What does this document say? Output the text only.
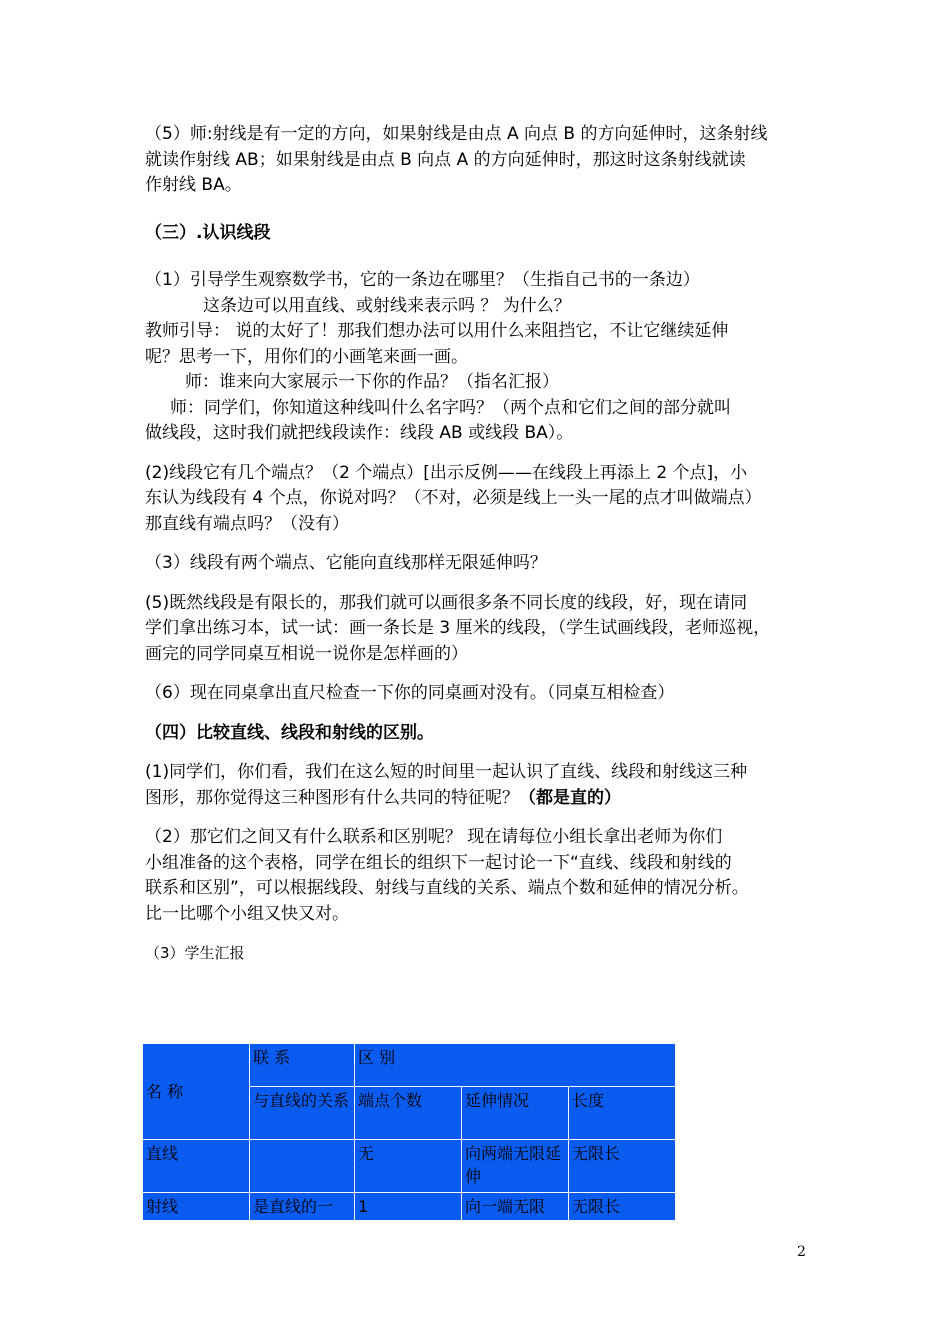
（5）师:射线是有一定的方向，如果射线是由点 A 向点 B 的方向延伸时，这条射线

就读作射线 AB；如果射线是由点 B 向点 A 的方向延伸时，那这时这条射线就读

作射线 BA。

（三）.认识线段

（1）引导学生观察数学书，它的一条边在哪里？（生指自己书的一条边）

这条边可以用直线、或射线来表示吗 ？ 为什么？

教师引导： 说的太好了！那我们想办法可以用什么来阻挡它，不让它继续延伸

呢？思考一下，用你们的小画笔来画一画。

师：谁来向大家展示一下你的作品？（指名汇报）

师：同学们，你知道这种线叫什么名字吗？（两个点和它们之间的部分就叫

做线段，这时我们就把线段读作：线段 AB 或线段 BA）。

(2)线段它有几个端点？（2 个端点）[出示反例——在线段上再添上 2 个点]，小

东认为线段有 4 个点，你说对吗？（不对，必须是线上一头一尾的点才叫做端点）

那直线有端点吗？（没有）

（3）线段有两个端点、它能向直线那样无限延伸吗？

(5)既然线段是有限长的，那我们就可以画很多条不同长度的线段，好，现在请同

学们拿出练习本，试一试：画一条长是 3 厘米的线段，（学生试画线段，老师巡视，

画完的同学同桌互相说一说你是怎样画的）

（6）现在同桌拿出直尺检查一下你的同桌画对没有。（同桌互相检查）

（四）比较直线、线段和射线的区别。

(1)同学们，你们看，我们在这么短的时间里一起认识了直线、线段和射线这三种

图形，那你觉得这三种图形有什么共同的特征呢？（都是直的）

（2）那它们之间又有什么联系和区别呢？ 现在请每位小组长拿出老师为你们

小组准备的这个表格，同学在组长的组织下一起讨论一下“直线、线段和射线的

联系和区别”，可以根据线段、射线与直线的关系、端点个数和延伸的情况分析。

比一比哪个小组又快又对。

（3）学生汇报

名 称	联 系	区 别		
	与直线的关系	端点个数	延伸情况	长度
直线		无	向两端无限延伸	无限长
射线	是直线的一	1	向一端无限	无限长
2
